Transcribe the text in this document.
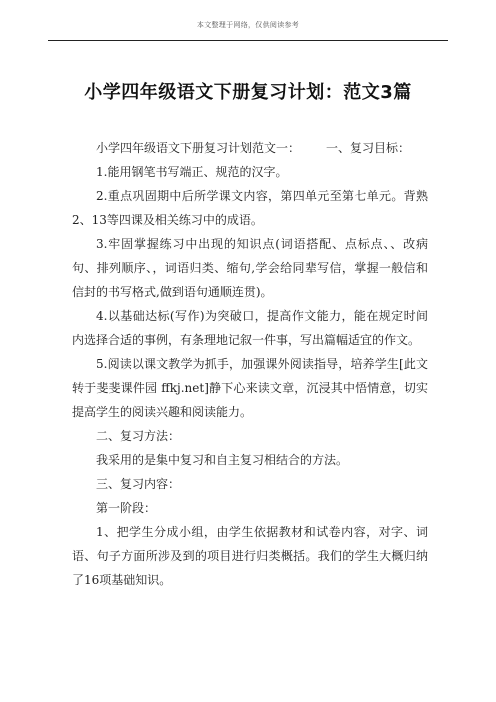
本文整理于网络，仅供阅读参考
小学四年级语文下册复习计划：范文3篇

小学四年级语文下册复习计划范文一： 一、复习目标：

1.能用钢笔书写端正、规范的汉字。

2.重点巩固期中后所学课文内容，第四单元至第七单元。背熟2、13等四课及相关练习中的成语。

3.牢固掌握练习中出现的知识点(词语搭配、点标点、、改病句、排列顺序、，词语归类、缩句,学会给同辈写信，掌握一般信和信封的书写格式,做到语句通顺连贯)。

4.以基础达标(写作)为突破口，提高作文能力，能在规定时间内选择合适的事例，有条理地记叙一件事，写出篇幅适宜的作文。

5.阅读以课文教学为抓手，加强课外阅读指导，培养学生[此文转于斐斐课件园 ffkj.net]静下心来读文章，沉浸其中悟情意，切实提高学生的阅读兴趣和阅读能力。

二、复习方法：

我采用的是集中复习和自主复习相结合的方法。

三、复习内容：

第一阶段：

1、把学生分成小组，由学生依据教材和试卷内容，对字、词语、句子方面所涉及到的项目进行归类概括。我们的学生大概归纳了16项基础知识。
